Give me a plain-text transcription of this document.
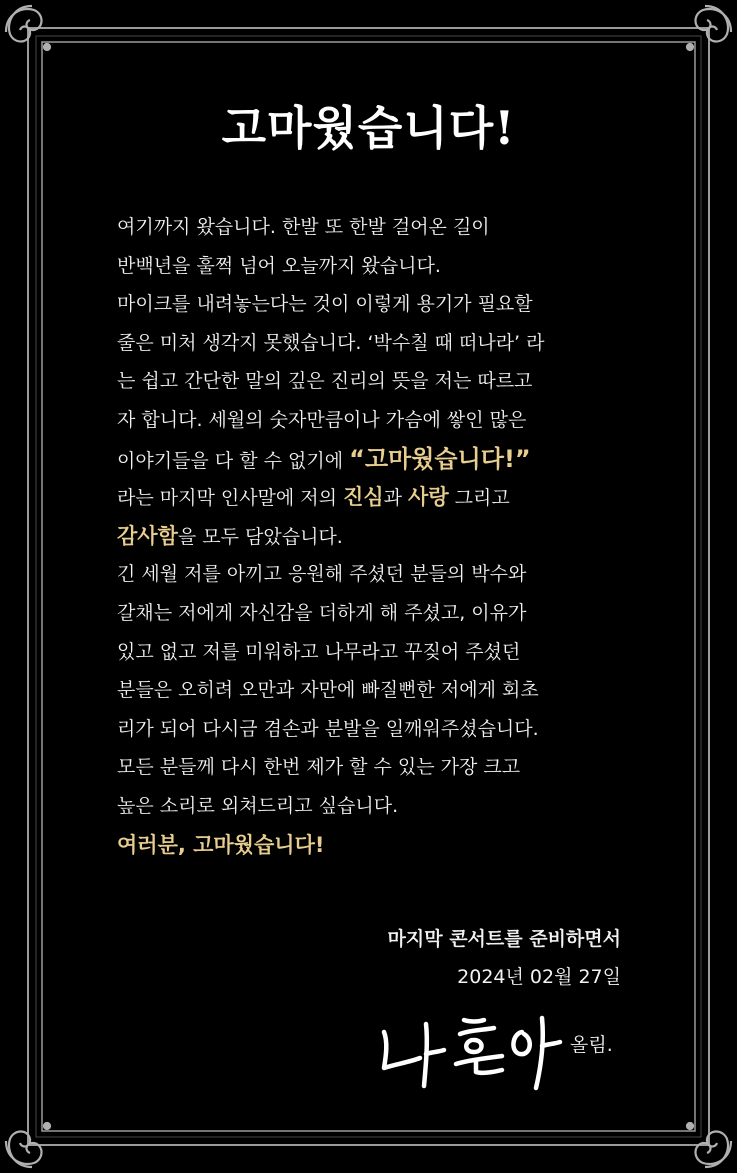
고마웠습니다!
여기까지 왔습니다. 한발 또 한발 걸어온 길이
반백년을 훌쩍 넘어 오늘까지 왔습니다.
마이크를 내려놓는다는 것이 이렇게 용기가 필요할
줄은 미처 생각지 못했습니다. ‘박수칠 때 떠나라’ 라
는 쉽고 간단한 말의 깊은 진리의 뜻을 저는 따르고
자 합니다. 세월의 숫자만큼이나 가슴에 쌓인 많은
이야기들을 다 할 수 없기에 “고마웠습니다!”
라는 마지막 인사말에 저의 진심과 사랑 그리고
감사함을 모두 담았습니다.
긴 세월 저를 아끼고 응원해 주셨던 분들의 박수와
갈채는 저에게 자신감을 더하게 해 주셨고, 이유가
있고 없고 저를 미워하고 나무라고 꾸짖어 주셨던
분들은 오히려 오만과 자만에 빠질뻔한 저에게 회초
리가 되어 다시금 겸손과 분발을 일깨워주셨습니다.
모든 분들께 다시 한번 제가 할 수 있는 가장 크고
높은 소리로 외쳐드리고 싶습니다.
여러분, 고마웠습니다!
마지막 콘서트를 준비하면서
2024년 02월 27일
올림.
